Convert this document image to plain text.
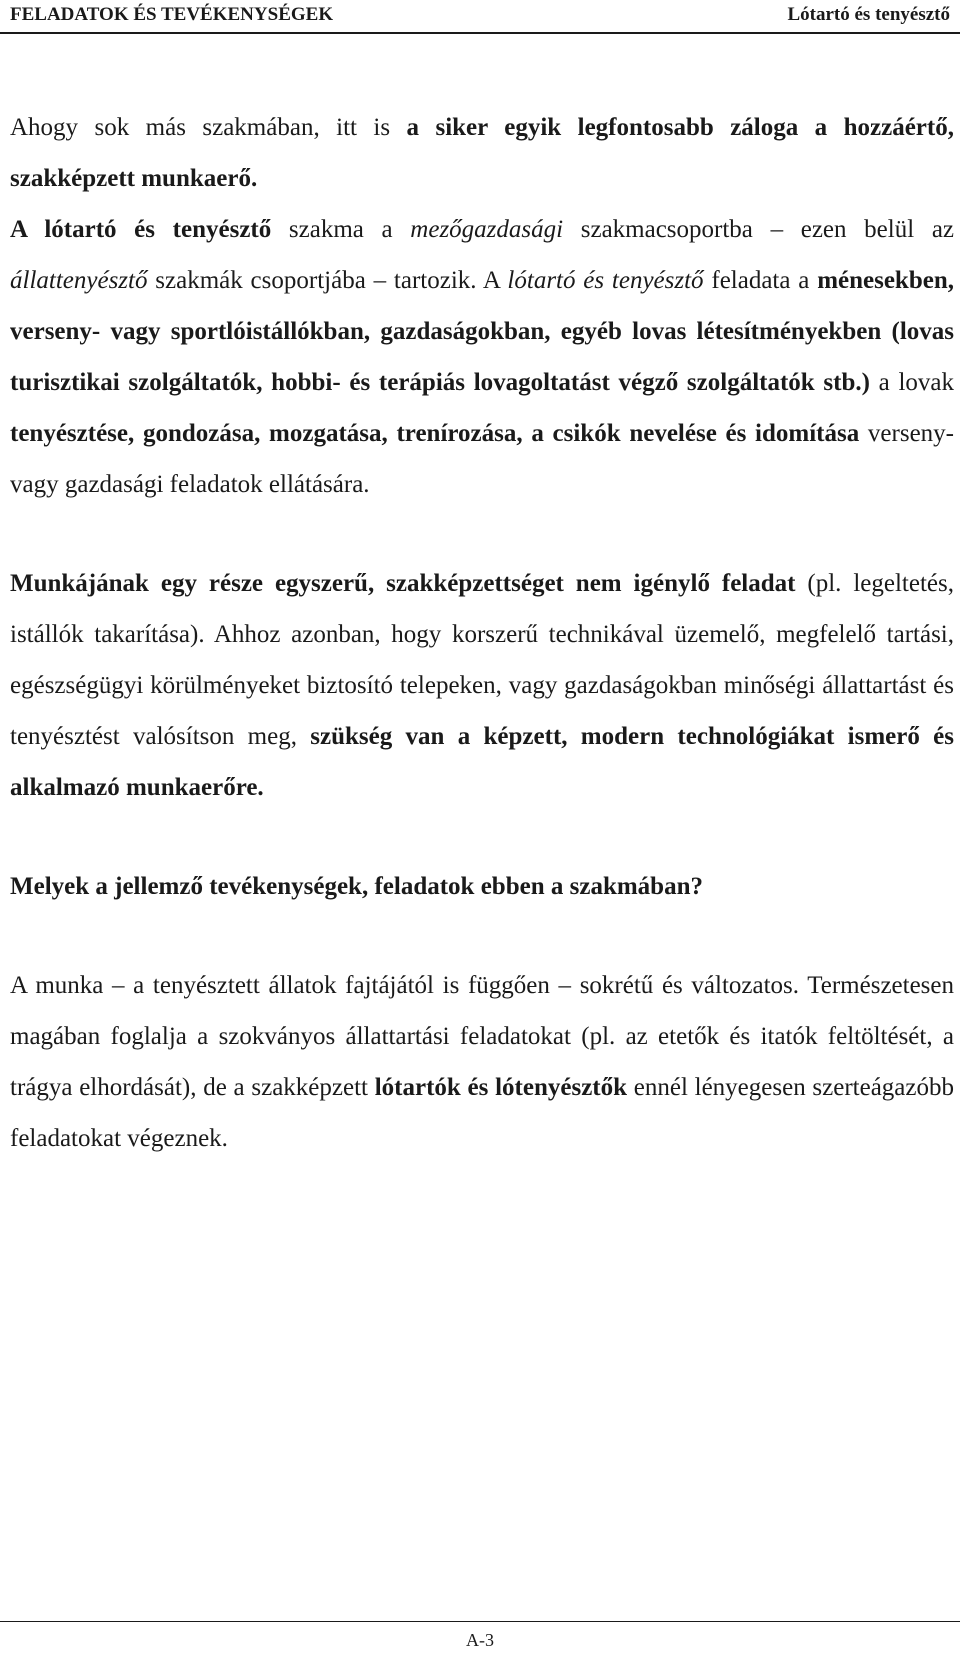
FELADATOK ÉS TEVÉKENYSÉGEK	Lótartó és tenyésztő

Ahogy sok más szakmában, itt is a siker egyik legfontosabb záloga a hozzáértő, szakképzett munkaerő.

A lótartó és tenyésztő szakma a mezőgazdasági szakmacsoportba – ezen belül az állattenyésztő szakmák csoportjába – tartozik. A lótartó és tenyésztő feladata a ménesekben, verseny- vagy sportlóistállókban, gazdaságokban, egyéb lovas létesítményekben (lovas turisztikai szolgáltatók, hobbi- és terápiás lovagoltatást végző szolgáltatók stb.) a lovak tenyésztése, gondozása, mozgatása, trenírozása, a csikók nevelése és idomítása verseny- vagy gazdasági feladatok ellátására.

Munkájának egy része egyszerű, szakképzettséget nem igénylő feladat (pl. legeltetés, istállók takarítása). Ahhoz azonban, hogy korszerű technikával üzemelő, megfelelő tartási, egészségügyi körülményeket biztosító telepeken, vagy gazdaságokban minőségi állattartást és tenyésztést valósítson meg, szükség van a képzett, modern technológiákat ismerő és alkalmazó munkaerőre.

Melyek a jellemző tevékenységek, feladatok ebben a szakmában?

A munka – a tenyésztett állatok fajtájától is függően – sokrétű és változatos. Természetesen magában foglalja a szokványos állattartási feladatokat (pl. az etetők és itatók feltöltését, a trágya elhordását), de a szakképzett lótartók és lótenyésztők ennél lényegesen szerteágazóbb feladatokat végeznek.

A-3
